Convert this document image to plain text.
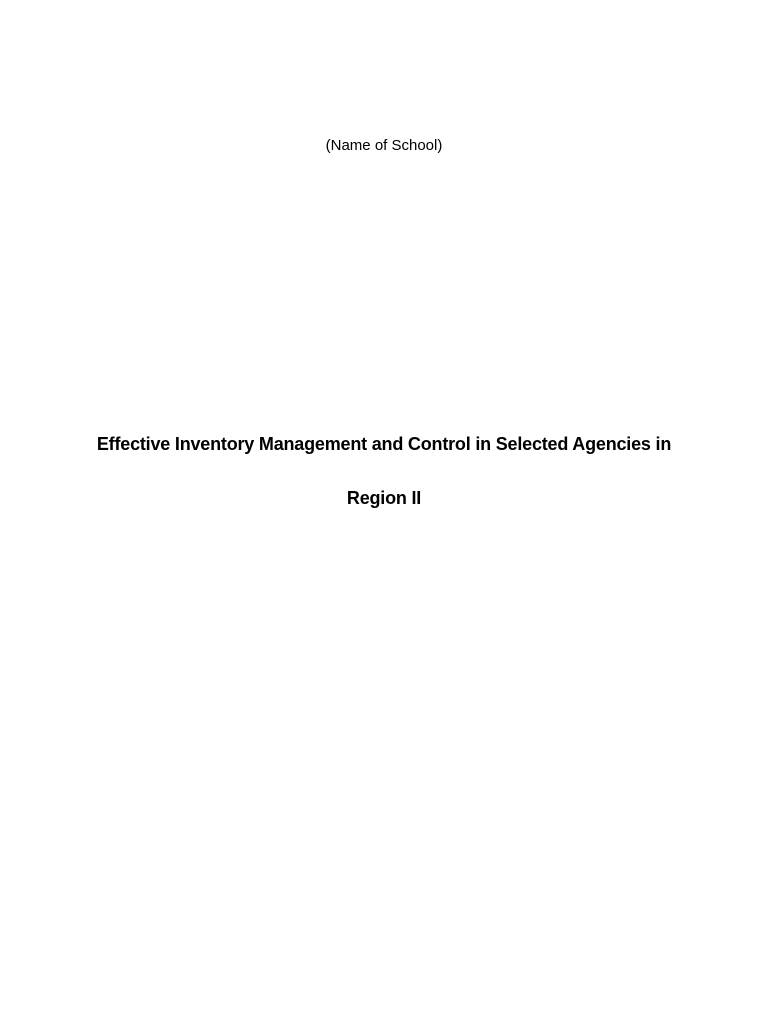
(Name of School)
Effective Inventory Management and Control in Selected Agencies in
Region II
